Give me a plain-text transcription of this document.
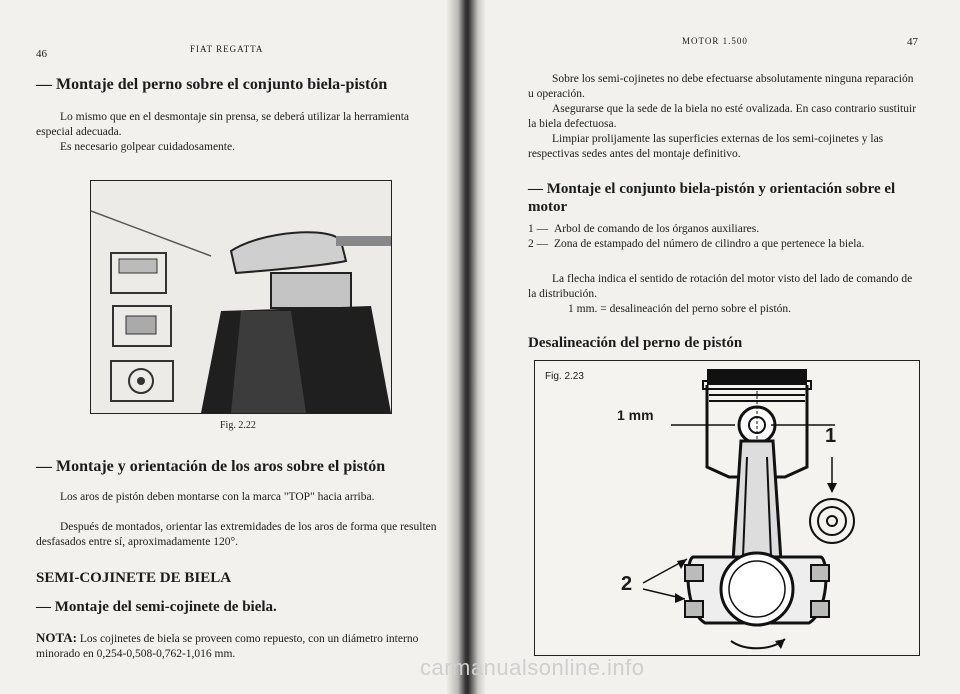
46	FIAT REGATTA
— Montaje del perno sobre el conjunto biela-pistón
Lo mismo que en el desmontaje sin prensa, se deberá utilizar la herramienta especial adecuada.
Es necesario golpear cuidadosamente.
Fig. 2.22
— Montaje y orientación de los aros sobre el pistón
Los aros de pistón deben montarse con la marca "TOP" hacia arriba.
Después de montados, orientar las extremidades de los aros de forma que resulten desfasados entre sí, aproximadamente 120°.
SEMI-COJINETE DE BIELA
— Montaje del semi-cojinete de biela.
NOTA: Los cojinetes de biela se proveen como repuesto, con un diámetro interno minorado en 0,254-0,508-0,762-1,016 mm.
MOTOR 1.500	47
Sobre los semi-cojinetes no debe efectuarse absolutamente ninguna reparación u operación.
Asegurarse que la sede de la biela no esté ovalizada. En caso contrario sustituir la biela defectuosa.
Limpiar prolijamente las superficies externas de los semi-cojinetes y las respectivas sedes antes del montaje definitivo.
— Montaje el conjunto biela-pistón y orientación sobre el motor
1 — Arbol de comando de los órganos auxiliares.
2 — Zona de estampado del número de cilindro a que pertenece la biela.
La flecha indica el sentido de rotación del motor visto del lado de comando de la distribución.
1 mm. = desalineación del perno sobre el pistón.
Desalineación del perno de pistón
Fig. 2.23
1 mm
1
2
carmanualsonline.info
